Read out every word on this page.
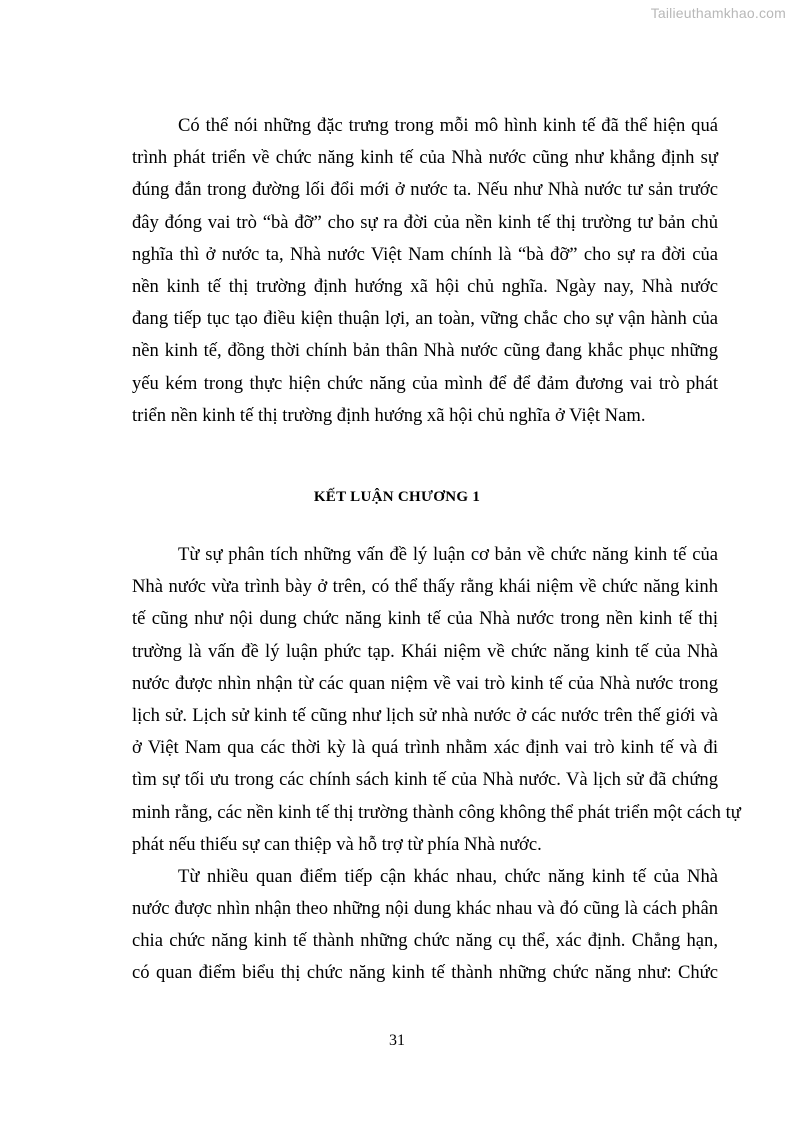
Tailieuthamkhao.com
Có thể nói những đặc trưng trong mỗi mô hình kinh tế đã thể hiện quá
trình phát triển về chức năng kinh tế của Nhà nước cũng như khẳng định sự
đúng đắn trong đường lối đổi mới ở nước ta. Nếu như Nhà nước tư sản trước
đây đóng vai trò “bà đỡ” cho sự ra đời của nền kinh tế thị trường tư bản chủ
nghĩa thì ở nước ta, Nhà nước Việt Nam chính là “bà đỡ” cho sự ra đời của
nền kinh tế thị trường định hướng xã hội chủ nghĩa. Ngày nay, Nhà nước
đang tiếp tục tạo điều kiện thuận lợi, an toàn, vững chắc cho sự vận hành của
nền kinh tế, đồng thời chính bản thân Nhà nước cũng đang khắc phục những
yếu kém trong thực hiện chức năng của mình để để đảm đương vai trò phát
triển nền kinh tế thị trường định hướng xã hội chủ nghĩa ở Việt Nam.
KẾT LUẬN CHƯƠNG 1
Từ sự phân tích những vấn đề lý luận cơ bản về chức năng kinh tế của
Nhà nước vừa trình bày ở trên, có thể thấy rằng khái niệm về chức năng kinh
tế cũng như nội dung chức năng kinh tế của Nhà nước trong nền kinh tế thị
trường là vấn đề lý luận phức tạp. Khái niệm về chức năng kinh tế của Nhà
nước được nhìn nhận từ các quan niệm về vai trò kinh tế của Nhà nước trong
lịch sử. Lịch sử kinh tế cũng như lịch sử nhà nước ở các nước trên thế giới và
ở Việt Nam qua các thời kỳ là quá trình nhằm xác định vai trò kinh tế và đi
tìm sự tối ưu trong các chính sách kinh tế của Nhà nước. Và lịch sử đã chứng
minh rằng, các nền kinh tế thị trường thành công không thể phát triển một cách tự
phát nếu thiếu sự can thiệp và hỗ trợ từ phía Nhà nước.
Từ nhiều quan điểm tiếp cận khác nhau, chức năng kinh tế của Nhà
nước được nhìn nhận theo những nội dung khác nhau và đó cũng là cách phân
chia chức năng kinh tế thành những chức năng cụ thể, xác định. Chẳng hạn,
có quan điểm biểu thị chức năng kinh tế thành những chức năng như: Chức
31
